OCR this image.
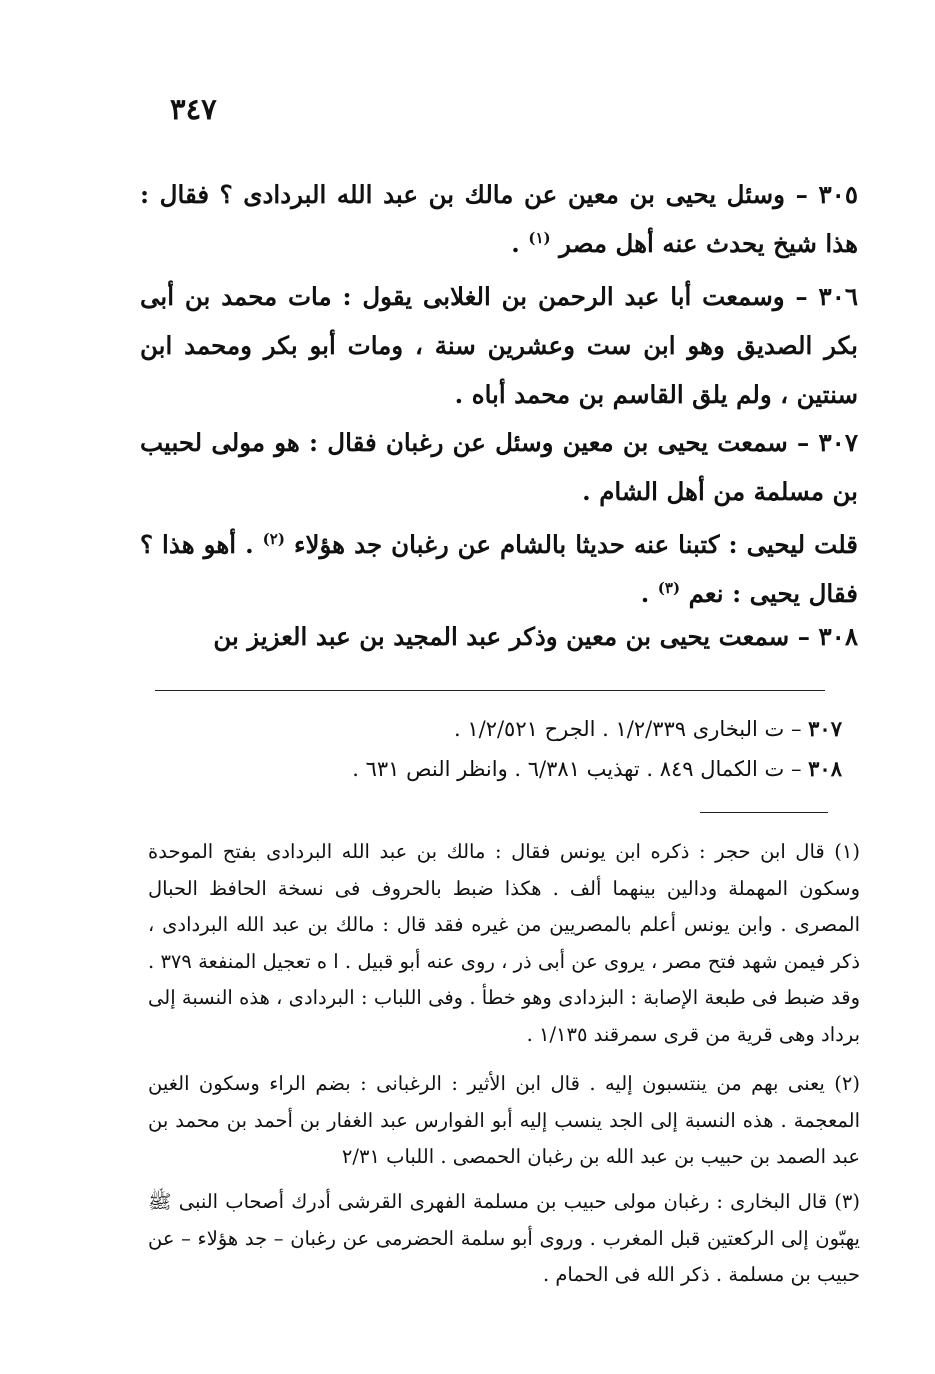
٣٤٧
٣٠٥ – وسئل يحيى بن معين عن مالك بن عبد الله البردادى ؟ فقال : هذا شيخ يحدث عنه أهل مصر $^{(١)}$ .
٣٠٦ – وسمعت أبا عبد الرحمن بن الغلابى يقول : مات محمد بن أبى بكر الصديق وهو ابن ست وعشرين سنة ، ومات أبو بكر ومحمد ابن سنتين ، ولم يلق القاسم بن محمد أباه .
٣٠٧ – سمعت يحيى بن معين وسئل عن رغبان فقال : هو مولى لحبيب بن مسلمة من أهل الشام .
قلت ليحيى : كتبنا عنه حديثا بالشام عن رغبان جد هؤلاء $^{(٢)}$ . أهو هذا ؟ فقال يحيى : نعم $^{(٣)}$ .
٣٠٨ – سمعت يحيى بن معين وذكر عبد المجيد بن عبد العزيز بن
٣٠٧ – ت البخارى ١/٢/٣٣٩ . الجرح ١/٢/٥٢١ .
٣٠٨ – ت الكمال ٨٤٩ . تهذيب ٦/٣٨١ . وانظر النص ٦٣١ .
(١) قال ابن حجر : ذكره ابن يونس فقال : مالك بن عبد الله البردادى بفتح الموحدة وسكون المهملة ودالين بينهما ألف . هكذا ضبط بالحروف فى نسخة الحافظ الحبال المصرى . وابن يونس أعلم بالمصريين من غيره فقد قال : مالك بن عبد الله البردادى ، ذكر فيمن شهد فتح مصر ، يروى عن أبى ذر ، روى عنه أبو قبيل . ا ه تعجيل المنفعة ٣٧٩ . وقد ضبط فى طبعة الإصابة : البزدادى وهو خطأ . وفى اللباب : البردادى ، هذه النسبة إلى برداد وهى قرية من قرى سمرقند ١/١٣٥ .
(٢) يعنى بهم من ينتسبون إليه . قال ابن الأثير : الرغبانى : بضم الراء وسكون الغين المعجمة . هذه النسبة إلى الجد ينسب إليه أبو الفوارس عبد الغفار بن أحمد بن محمد بن عبد الصمد بن حبيب بن عبد الله بن رغبان الحمصى . اللباب ٢/٣١
(٣) قال البخارى : رغبان مولى حبيب بن مسلمة الفهرى القرشى أدرك أصحاب النبى ﷺ يهبّون إلى الركعتين قبل المغرب . وروى أبو سلمة الحضرمى عن رغبان – جد هؤلاء – عن حبيب بن مسلمة . ذكر الله فى الحمام .
